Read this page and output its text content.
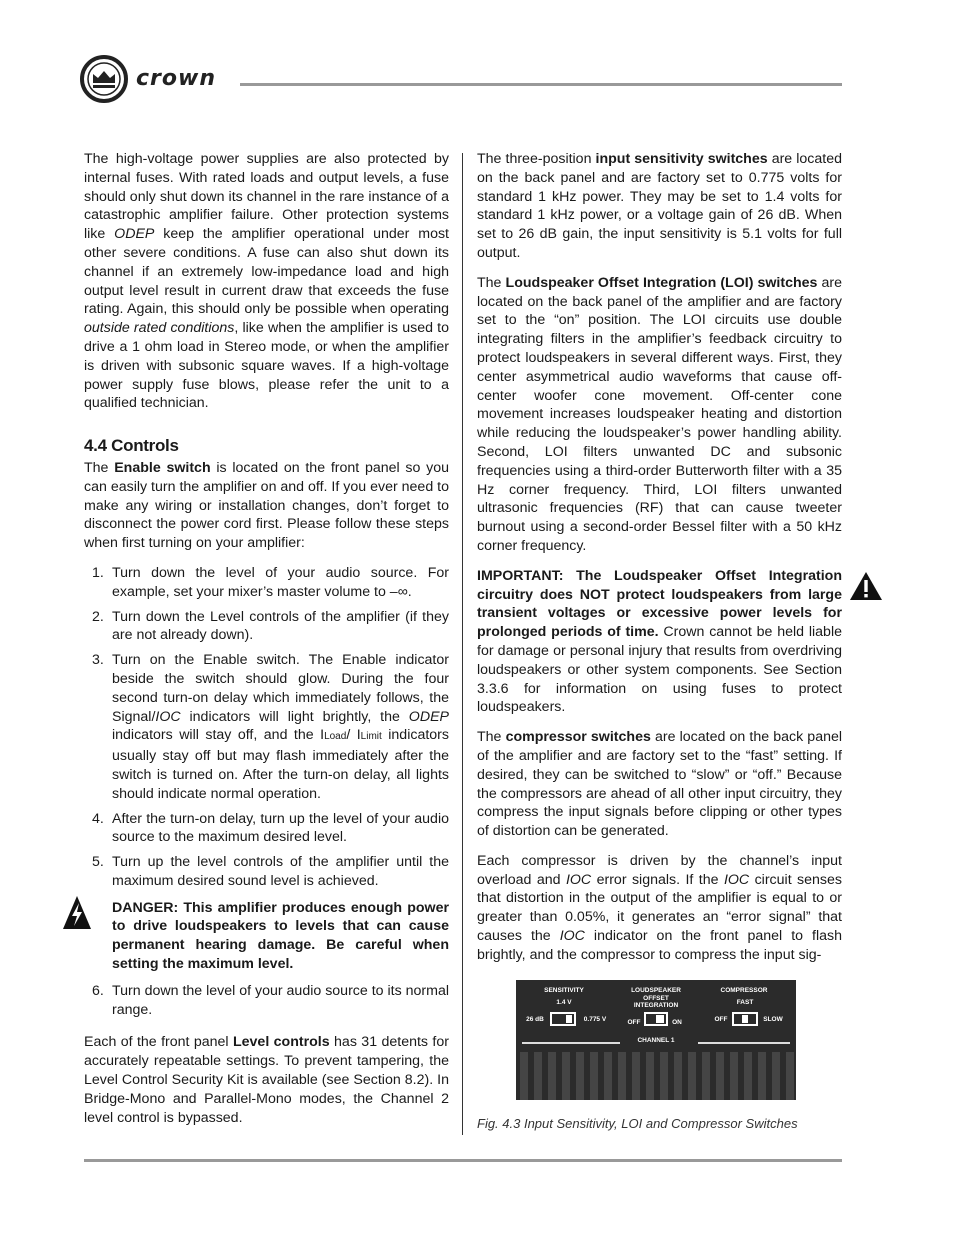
crown

The high-voltage power supplies are also protected by internal fuses. With rated loads and output levels, a fuse should only shut down its channel in the rare instance of a catastrophic amplifier failure. Other protection systems like ODEP keep the amplifier operational under most other severe conditions. A fuse can also shut down its channel if an extremely low-impedance load and high output level result in current draw that exceeds the fuse rating. Again, this should only be possible when operating outside rated conditions, like when the amplifier is used to drive a 1 ohm load in Stereo mode, or when the amplifier is driven with subsonic square waves. If a high-voltage power supply fuse blows, please refer the unit to a qualified technician.

4.4 Controls

The Enable switch is located on the front panel so you can easily turn the amplifier on and off. If you ever need to make any wiring or installation changes, don’t forget to disconnect the power cord first. Please follow these steps when first turning on your amplifier:

1. Turn down the level of your audio source. For example, set your mixer’s master volume to –∞.
2. Turn down the Level controls of the amplifier (if they are not already down).
3. Turn on the Enable switch. The Enable indicator beside the switch should glow. During the four second turn-on delay which immediately follows, the Signal/IOC indicators will light brightly, the ODEP indicators will stay off, and the ILoad/ ILimit indicators usually stay off but may flash immediately after the switch is turned on. After the turn-on delay, all lights should indicate normal operation.
4. After the turn-on delay, turn up the level of your audio source to the maximum desired level.
5. Turn up the level controls of the amplifier until the maximum desired sound level is achieved.
DANGER: This amplifier produces enough power to drive loudspeakers to levels that can cause permanent hearing damage. Be careful when setting the maximum level.
6. Turn down the level of your audio source to its normal range.

Each of the front panel Level controls has 31 detents for accurately repeatable settings. To prevent tampering, the Level Control Security Kit is available (see Section 8.2). In Bridge-Mono and Parallel-Mono modes, the Channel 2 level control is bypassed.

The three-position input sensitivity switches are located on the back panel and are factory set to 0.775 volts for standard 1 kHz power. They may be set to 1.4 volts for standard 1 kHz power, or a voltage gain of 26 dB. When set to 26 dB gain, the input sensitivity is 5.1 volts for full output.

The Loudspeaker Offset Integration (LOI) switches are located on the back panel of the amplifier and are factory set to the “on” position. The LOI circuits use double integrating filters in the amplifier’s feedback circuitry to protect loudspeakers in several different ways. First, they center asymmetrical audio waveforms that cause off-center woofer cone movement. Off-center cone movement increases loudspeaker heating and distortion while reducing the loudspeaker’s power handling ability. Second, LOI filters unwanted DC and subsonic frequencies using a third-order Butterworth filter with a 35 Hz corner frequency. Third, LOI filters unwanted ultrasonic frequencies (RF) that can cause tweeter burnout using a second-order Bessel filter with a 50 kHz corner frequency.

IMPORTANT: The Loudspeaker Offset Integration circuitry does NOT protect loudspeakers from large transient voltages or excessive power levels for prolonged periods of time. Crown cannot be held liable for damage or personal injury that results from overdriving loudspeakers or other system components. See Section 3.3.6 for information on using fuses to protect loudspeakers.

The compressor switches are located on the back panel of the amplifier and are factory set to the “fast” setting. If desired, they can be switched to “slow” or “off.” Because the compressors are ahead of all other input circuitry, they compress the input signals before clipping or other types of distortion can be generated.

Each compressor is driven by the channel’s input overload and IOC error signals. If the IOC circuit senses that distortion in the output of the amplifier is equal to or greater than 0.05%, it generates an “error signal” that causes the IOC indicator on the front panel to flash brightly, and the compressor to compress the input sig-

SENSITIVITY
1.4 V
26 dB	0.775 V
LOUDSPEAKER OFFSET INTEGRATION
OFF	ON
CHANNEL 1
COMPRESSOR
FAST
OFF	SLOW
Fig. 4.3 Input Sensitivity, LOI and Compressor Switches
